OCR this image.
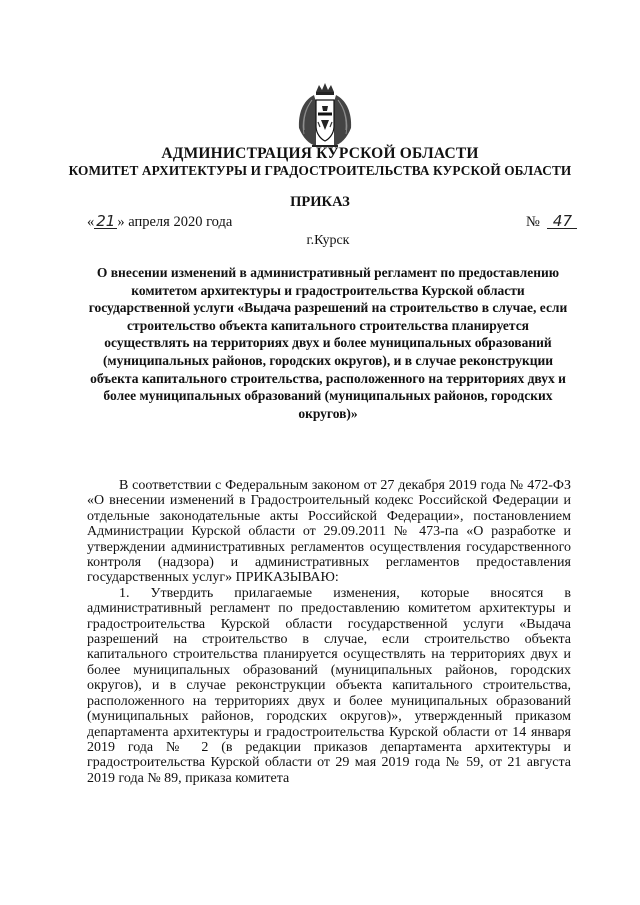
АДМИНИСТРАЦИЯ КУРСКОЙ ОБЛАСТИ
КОМИТЕТ АРХИТЕКТУРЫ И ГРАДОСТРОИТЕЛЬСТВА КУРСКОЙ ОБЛАСТИ
ПРИКАЗ
« 21 » апреля 2020 года	№ 47
г.Курск
О внесении изменений в административный регламент по предоставлению комитетом архитектуры и градостроительства Курской области государственной услуги «Выдача разрешений на строительство в случае, если строительство объекта капитального строительства планируется осуществлять на территориях двух и более муниципальных образований (муниципальных районов, городских округов), и в случае реконструкции объекта капитального строительства, расположенного на территориях двух и более муниципальных образований (муниципальных районов, городских округов)»

В соответствии с Федеральным законом от 27 декабря 2019 года № 472-ФЗ «О внесении изменений в Градостроительный кодекс Российской Федерации и отдельные законодательные акты Российской Федерации», постановлением Администрации Курской области от 29.09.2011 № 473-па «О разработке и утверждении административных регламентов осуществления государственного контроля (надзора) и административных регламентов предоставления государственных услуг» ПРИКАЗЫВАЮ:

1. Утвердить прилагаемые изменения, которые вносятся в административный регламент по предоставлению комитетом архитектуры и градостроительства Курской области государственной услуги «Выдача разрешений на строительство в случае, если строительство объекта капитального строительства планируется осуществлять на территориях двух и более муниципальных образований (муниципальных районов, городских округов), и в случае реконструкции объекта капитального строительства, расположенного на территориях двух и более муниципальных образований (муниципальных районов, городских округов)», утвержденный приказом департамента архитектуры и градостроительства Курской области от 14 января 2019 года № 2 (в редакции приказов департамента архитектуры и градостроительства Курской области от 29 мая 2019 года № 59, от 21 августа 2019 года № 89, приказа комитета
